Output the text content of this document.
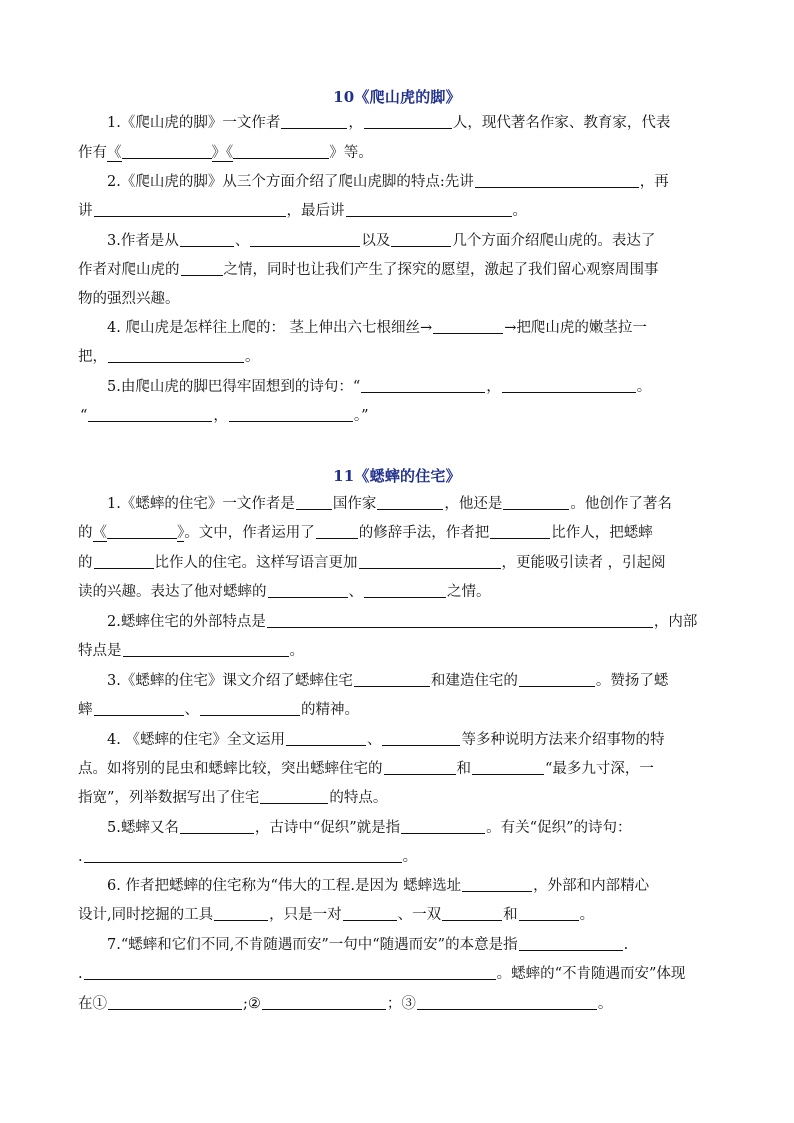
10《爬山虎的脚》
1.《爬山虎的脚》一文作者	，	人，现代著名作家、教育家，代表
作有《	》《	》等。
2.《爬山虎的脚》从三个方面介绍了爬山虎脚的特点:先讲	，再
讲	，最后讲	。
3.作者是从	、	以及	几个方面介绍爬山虎的。表达了
作者对爬山虎的	之情，同时也让我们产生了探究的愿望，激起了我们留心观察周围事
物的强烈兴趣。
4. 爬山虎是怎样往上爬的： 茎上伸出六七根细丝→	→把爬山虎的嫩茎拉一
把，	。
5.由爬山虎的脚巴得牢固想到的诗句：“	，	。
“	，	。”
11《蟋蟀的住宅》
1.《蟋蟀的住宅》一文作者是	国作家	，他还是	。他创作了著名
的《	》。文中，作者运用了	的修辞手法，作者把	比作人，把蟋蟀
的	比作人的住宅。这样写语言更加	，更能吸引读者 ，引起阅
读的兴趣。表达了他对蟋蟀的	、	之情。
2.蟋蟀住宅的外部特点是	，内部
特点是	。
3.《蟋蟀的住宅》课文介绍了蟋蟀住宅	和建造住宅的	。赞扬了蟋
蟀	、	的精神。
4. 《蟋蟀的住宅》全文运用	、	等多种说明方法来介绍事物的特
点。如将别的昆虫和蟋蟀比较，突出蟋蟀住宅的	和	“最多九寸深，一
指宽”，列举数据写出了住宅	的特点。
5.蟋蟀又名	，古诗中“促织”就是指	。有关“促织”的诗句：
.	。
6. 作者把蟋蟀的住宅称为“伟大的工程.是因为 蟋蟀选址	，外部和内部精心
设计,同时挖掘的工具	，只是一对	、一双	和	。
7.“蟋蟀和它们不同,不肯随遇而安”一句中“随遇而安”的本意是指	.
.	。蟋蟀的“不肯随遇而安”体现
在①	;②	；③	。
